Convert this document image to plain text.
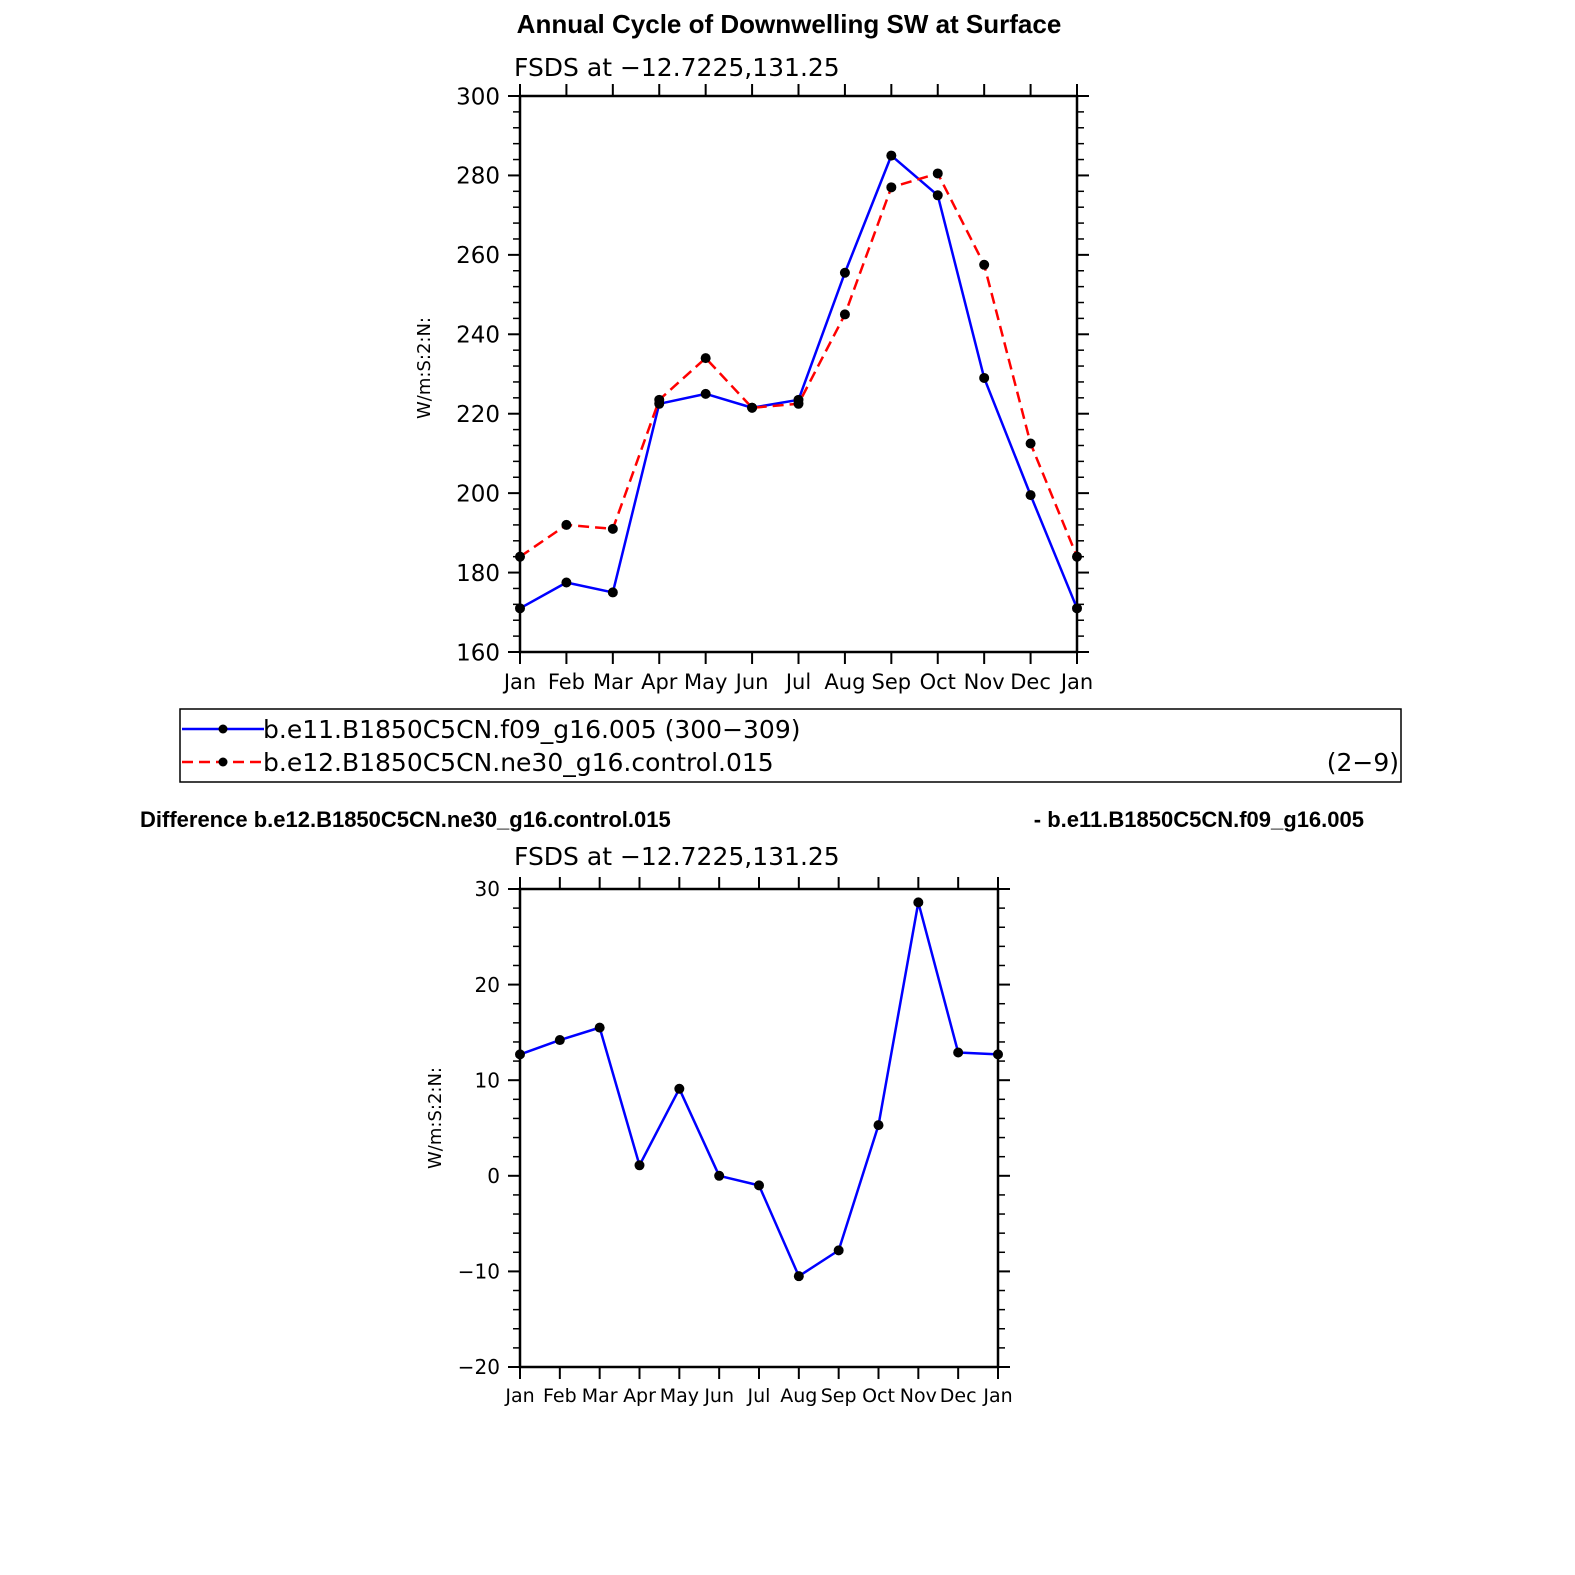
Annual Cycle of Downwelling SW at Surface
FSDS at −12.7225,131.25
W/m:S:2:N:
160
180
200
220
240
260
280
300
Jan Feb Mar Apr May Jun Jul Aug Sep Oct Nov Dec Jan
b.e11.B1850C5CN.f09_g16.005 (300−309)
b.e12.B1850C5CN.ne30_g16.control.015	(2−9)
Difference b.e12.B1850C5CN.ne30_g16.control.015	- b.e11.B1850C5CN.f09_g16.005
FSDS at −12.7225,131.25
W/m:S:2:N:
−20
−10
0
10
20
30
Jan Feb Mar Apr May Jun Jul Aug Sep Oct Nov Dec Jan
